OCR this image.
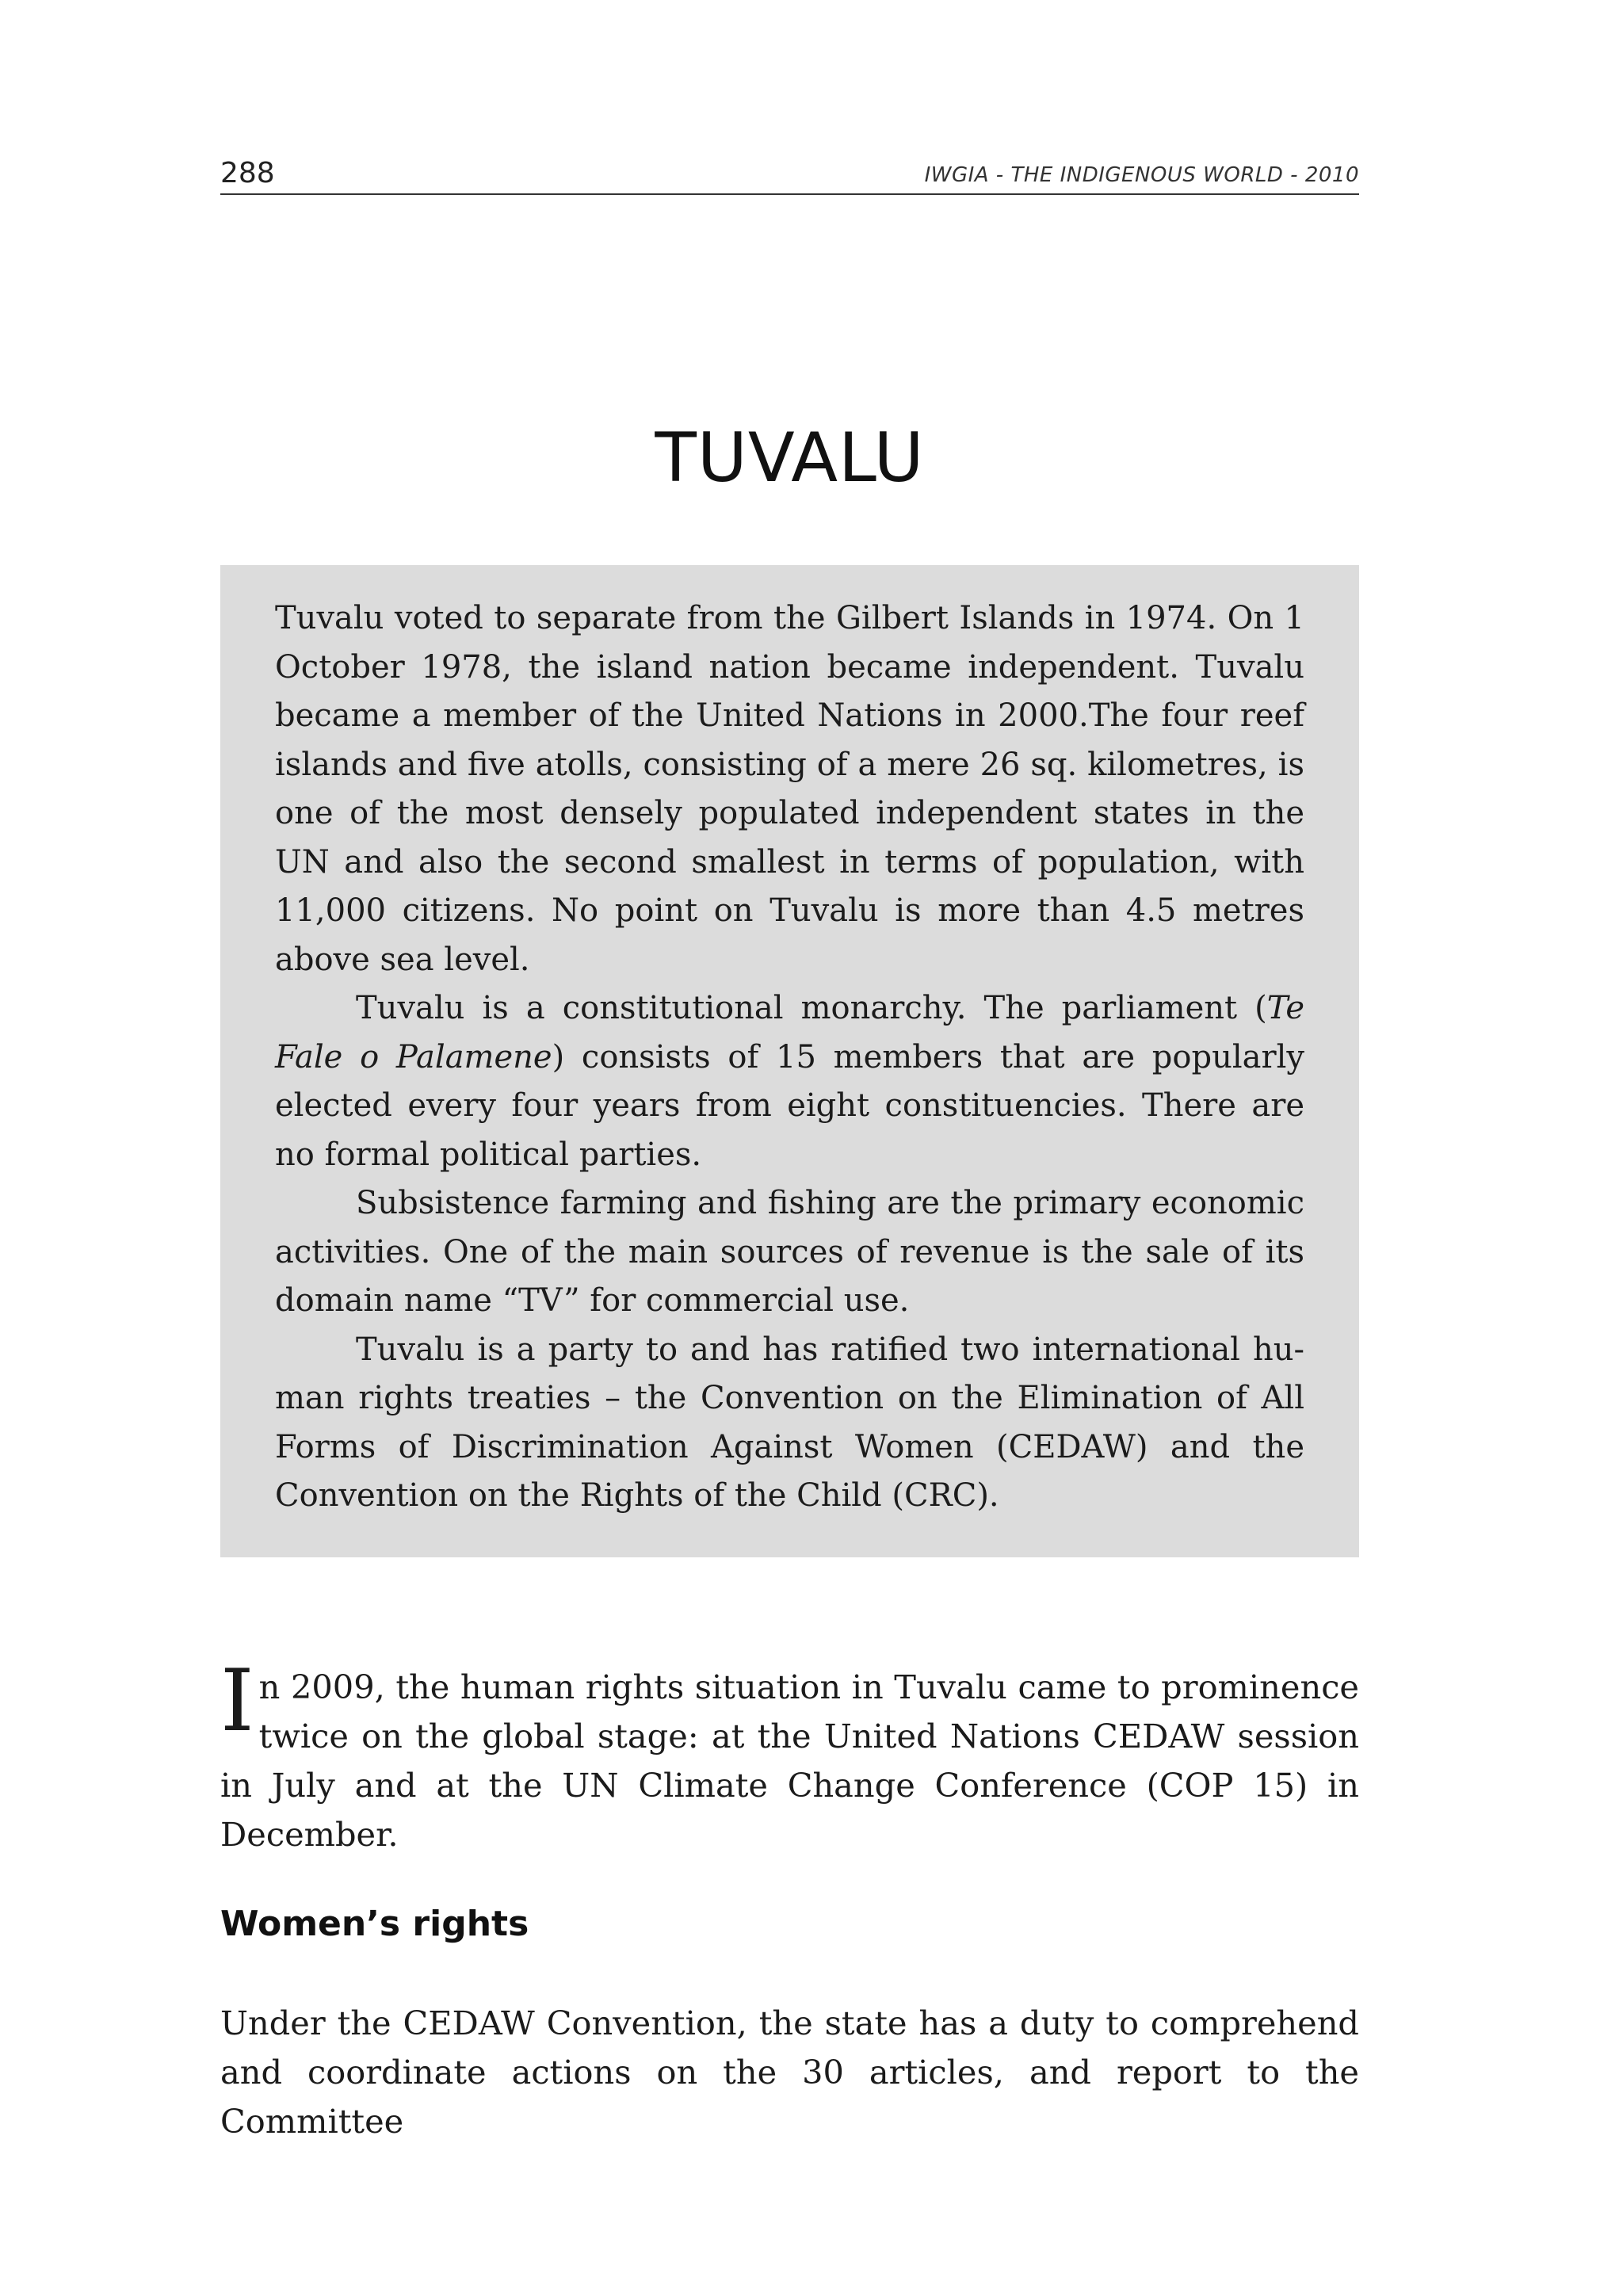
288	IWGIA - THE INDIGENOUS WORLD - 2010
TUVALU

Tuvalu voted to separate from the Gilbert Islands in 1974. On 1 October 1978, the island nation became independent. Tuvalu became a member of the United Nations in 2000.The four reef islands and five atolls, consisting of a mere 26 sq. kilometres, is one of the most densely populated independent states in the UN and also the second smallest in terms of population, with 11,000 citizens. No point on Tuvalu is more than 4.5 metres above sea level.

Tuvalu is a constitutional monarchy. The parliament (Te Fale o Palamene) consists of 15 members that are popularly elected every four years from eight constituencies. There are no formal political parties.

Subsistence farming and fishing are the primary economic activities. One of the main sources of revenue is the sale of its domain name “TV” for commercial use.

Tuvalu is a party to and has ratified two international human rights treaties – the Convention on the Elimination of All Forms of Discrimination Against Women (CEDAW) and the Convention on the Rights of the Child (CRC).

In 2009, the human rights situation in Tuvalu came to prominence twice on the global stage: at the United Nations CEDAW session in July and at the UN Climate Change Conference (COP 15) in December.

Women’s rights

Under the CEDAW Convention, the state has a duty to comprehend and coordinate actions on the 30 articles, and report to the Committee
